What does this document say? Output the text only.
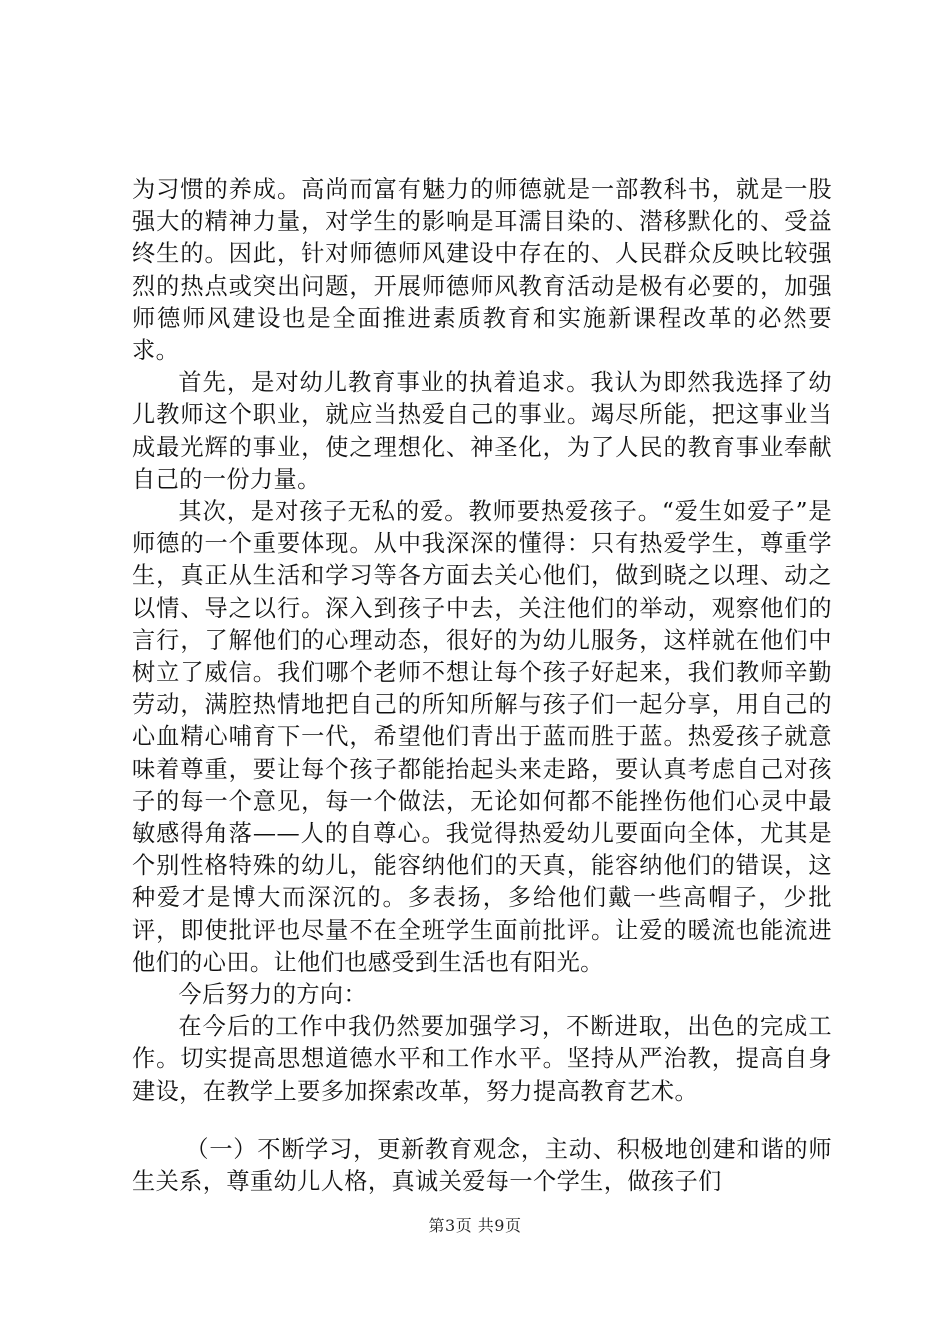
为习惯的养成。高尚而富有魅力的师德就是一部教科书，就是一股强大的精神力量，对学生的影响是耳濡目染的、潜移默化的、受益终生的。因此，针对师德师风建设中存在的、人民群众反映比较强烈的热点或突出问题，开展师德师风教育活动是极有必要的，加强师德师风建设也是全面推进素质教育和实施新课程改革的必然要求。

首先，是对幼儿教育事业的执着追求。我认为即然我选择了幼儿教师这个职业，就应当热爱自己的事业。竭尽所能，把这事业当成最光辉的事业，使之理想化、神圣化，为了人民的教育事业奉献自己的一份力量。

其次，是对孩子无私的爱。教师要热爱孩子。“爱生如爱子”是师德的一个重要体现。从中我深深的懂得：只有热爱学生，尊重学生，真正从生活和学习等各方面去关心他们，做到晓之以理、动之以情、导之以行。深入到孩子中去，关注他们的举动，观察他们的言行，了解他们的心理动态，很好的为幼儿服务，这样就在他们中树立了威信。我们哪个老师不想让每个孩子好起来，我们教师辛勤劳动，满腔热情地把自己的所知所解与孩子们一起分享，用自己的心血精心哺育下一代，希望他们青出于蓝而胜于蓝。热爱孩子就意味着尊重，要让每个孩子都能抬起头来走路，要认真考虑自己对孩子的每一个意见，每一个做法，无论如何都不能挫伤他们心灵中最敏感得角落——人的自尊心。我觉得热爱幼儿要面向全体，尤其是个别性格特殊的幼儿，能容纳他们的天真，能容纳他们的错误，这种爱才是博大而深沉的。多表扬，多给他们戴一些高帽子，少批评，即使批评也尽量不在全班学生面前批评。让爱的暖流也能流进他们的心田。让他们也感受到生活也有阳光。

今后努力的方向：

在今后的工作中我仍然要加强学习，不断进取，出色的完成工作。切实提高思想道德水平和工作水平。坚持从严治教，提高自身建设，在教学上要多加探索改革，努力提高教育艺术。

（一）不断学习，更新教育观念，主动、积极地创建和谐的师生关系，尊重幼儿人格，真诚关爱每一个学生，做孩子们

第3页 共9页
